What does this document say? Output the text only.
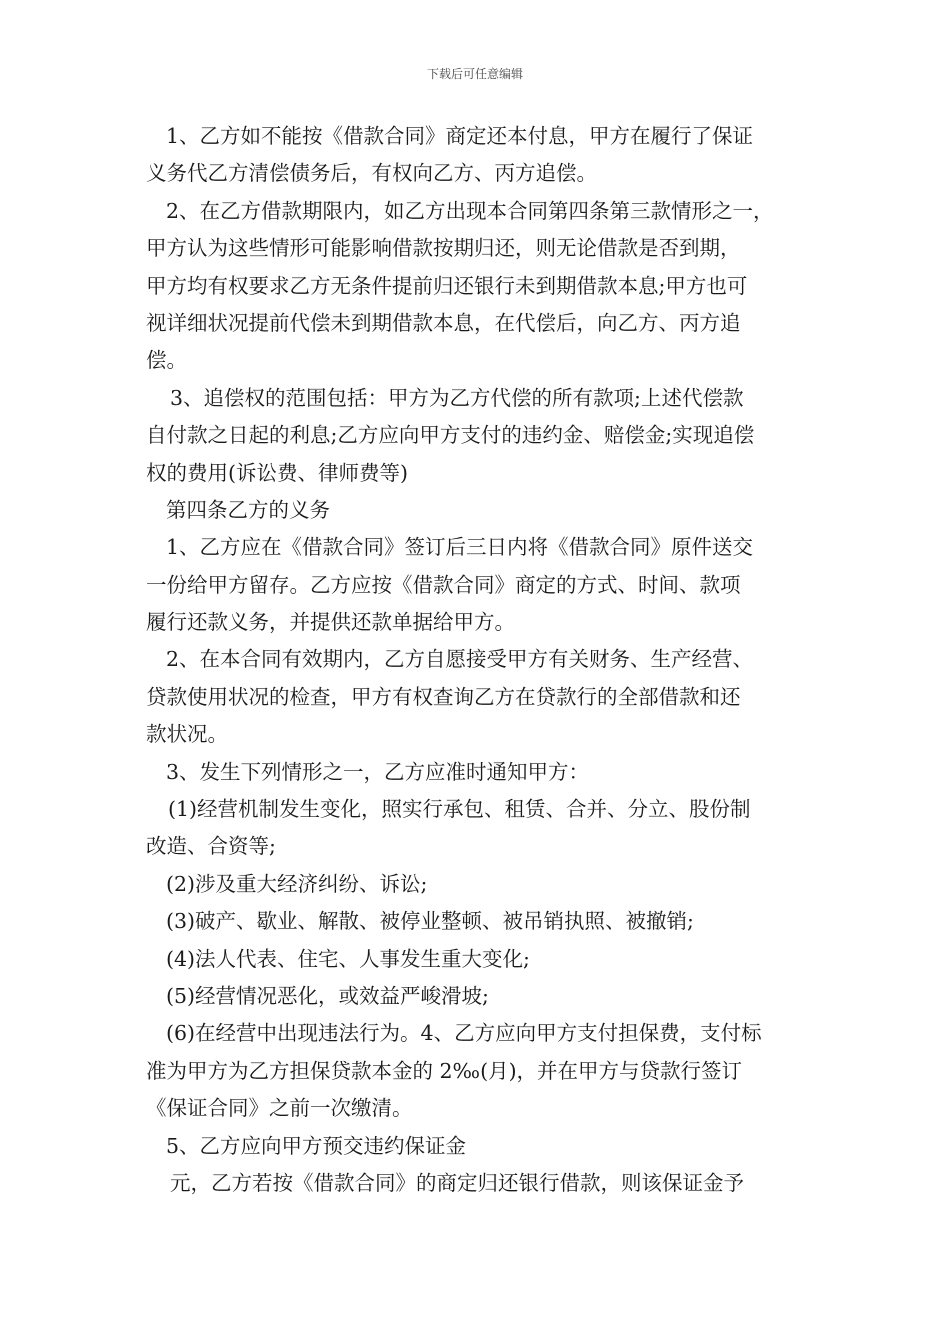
下载后可任意编辑
1、乙方如不能按《借款合同》商定还本付息，甲方在履行了保证
义务代乙方清偿债务后，有权向乙方、丙方追偿。
2、在乙方借款期限内，如乙方出现本合同第四条第三款情形之一，
甲方认为这些情形可能影响借款按期归还，则无论借款是否到期，
甲方均有权要求乙方无条件提前归还银行未到期借款本息;甲方也可
视详细状况提前代偿未到期借款本息，在代偿后，向乙方、丙方追
偿。
3、追偿权的范围包括：甲方为乙方代偿的所有款项;上述代偿款
自付款之日起的利息;乙方应向甲方支付的违约金、赔偿金;实现追偿
权的费用(诉讼费、律师费等)
第四条乙方的义务
1、乙方应在《借款合同》签订后三日内将《借款合同》原件送交
一份给甲方留存。乙方应按《借款合同》商定的方式、时间、款项
履行还款义务，并提供还款单据给甲方。
2、在本合同有效期内，乙方自愿接受甲方有关财务、生产经营、
贷款使用状况的检查，甲方有权查询乙方在贷款行的全部借款和还
款状况。
3、发生下列情形之一，乙方应准时通知甲方：
(1)经营机制发生变化，照实行承包、租赁、合并、分立、股份制
改造、合资等;
(2)涉及重大经济纠纷、诉讼;
(3)破产、歇业、解散、被停业整顿、被吊销执照、被撤销;
(4)法人代表、住宅、人事发生重大变化;
(5)经营情况恶化，或效益严峻滑坡;
(6)在经营中出现违法行为。4、乙方应向甲方支付担保费，支付标
准为甲方为乙方担保贷款本金的 2‰(月)，并在甲方与贷款行签订
《保证合同》之前一次缴清。
5、乙方应向甲方预交违约保证金
元，乙方若按《借款合同》的商定归还银行借款，则该保证金予
